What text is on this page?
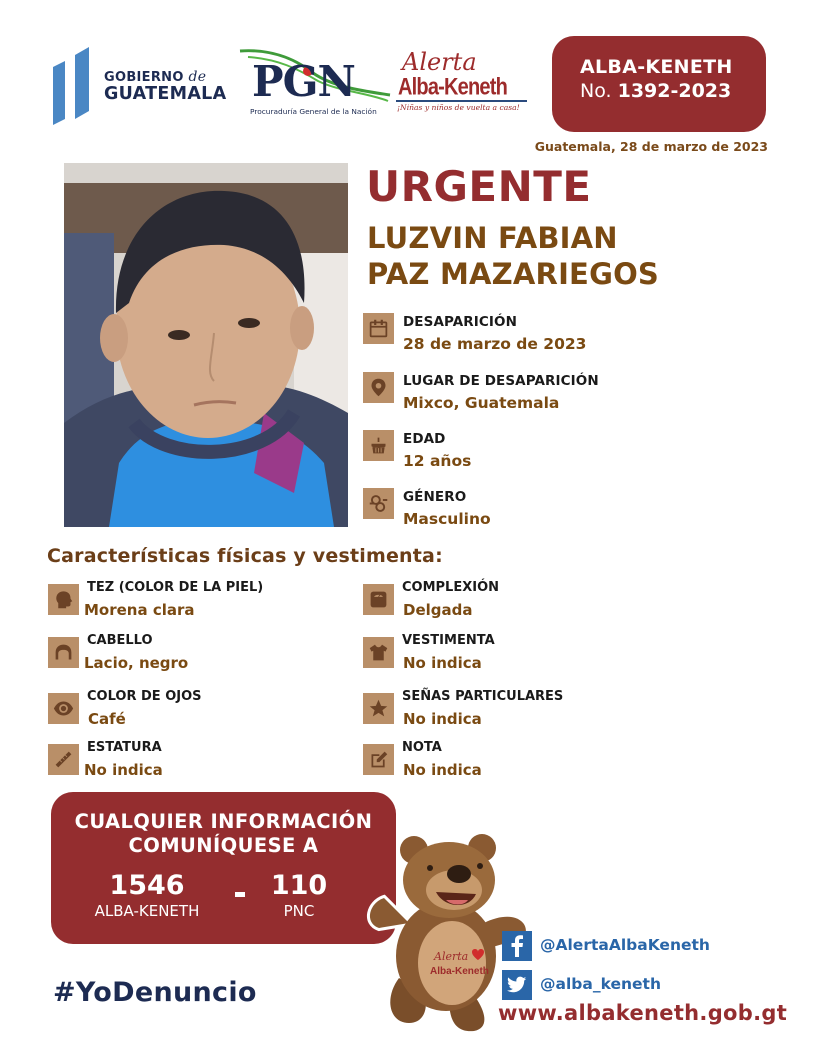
GOBIERNO de
GUATEMALA PGN
Procuraduría General de la Nación
Alerta
Alba-Keneth
¡Niñas y niños de vuelta a casa!
ALBA-KENETH
No. 1392-2023
Guatemala, 28 de marzo de 2023
URGENTE
LUZVIN FABIAN
PAZ MAZARIEGOS
DESAPARICIÓN
28 de marzo de 2023
LUGAR DE DESAPARICIÓN
Mixco, Guatemala
EDAD
12 años
GÉNERO
Masculino
Características físicas y vestimenta:
TEZ (COLOR DE LA PIEL)
Morena clara
CABELLO
Lacio, negro
COLOR DE OJOS
Café
ESTATURA
No indica
COMPLEXIÓN
Delgada
VESTIMENTA
No indica
SEÑAS PARTICULARES
No indica
NOTA
No indica
CUALQUIER INFORMACIÓN
COMUNÍQUESE A
1546
ALBA-KENETH
110
PNC
#YoDenuncio
Alerta
Alba-Keneth
@AlertaAlbaKeneth
@alba_keneth
www.albakeneth.gob.gt
